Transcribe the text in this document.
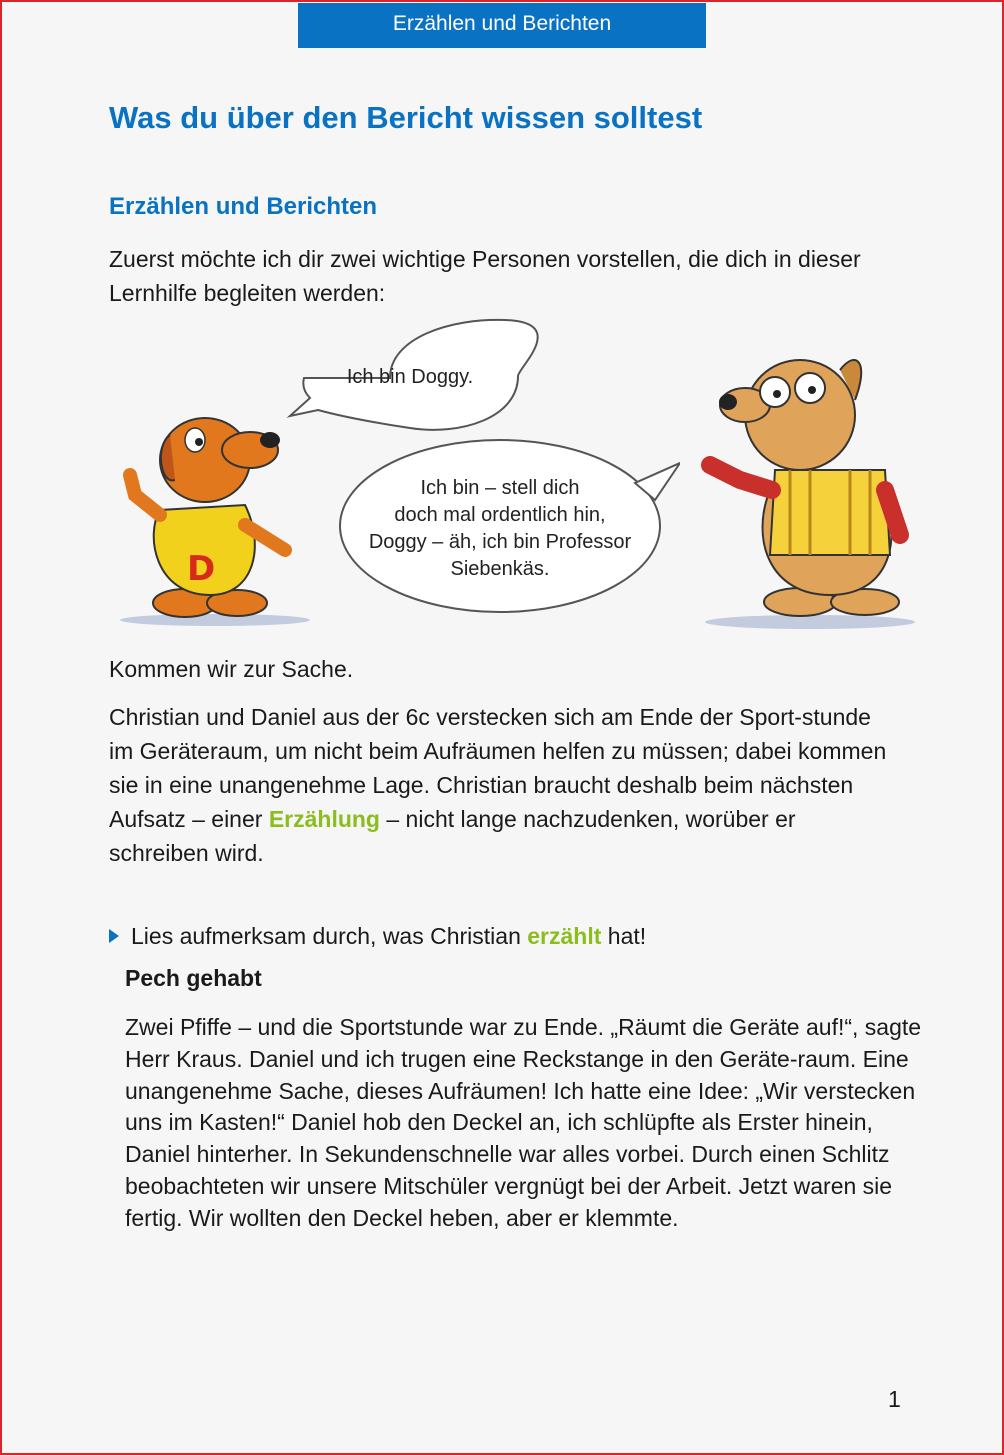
Erzählen und Berichten
Was du über den Bericht wissen solltest
Erzählen und Berichten

Zuerst möchte ich dir zwei wichtige Personen vorstellen, die dich in dieser Lernhilfe begleiten werden:

Ich bin Doggy.
Ich bin – stell dich
doch mal ordentlich hin,
Doggy – äh, ich bin Professor
Siebenkäs.
D

Kommen wir zur Sache.

Christian und Daniel aus der 6c verstecken sich am Ende der Sport-stunde im Geräteraum, um nicht beim Aufräumen helfen zu müssen; dabei kommen sie in eine unangenehme Lage. Christian braucht deshalb beim nächsten Aufsatz – einer Erzählung – nicht lange nachzudenken, worüber er schreiben wird.

Lies aufmerksam durch, was Christian erzählt hat!
Pech gehabt

Zwei Pfiffe – und die Sportstunde war zu Ende. „Räumt die Geräte auf!“, sagte Herr Kraus. Daniel und ich trugen eine Reckstange in den Geräte-raum. Eine unangenehme Sache, dieses Aufräumen! Ich hatte eine Idee: „Wir verstecken uns im Kasten!“ Daniel hob den Deckel an, ich schlüpfte als Erster hinein, Daniel hinterher. In Sekundenschnelle war alles vorbei. Durch einen Schlitz beobachteten wir unsere Mitschüler vergnügt bei der Arbeit. Jetzt waren sie fertig. Wir wollten den Deckel heben, aber er klemmte.

1
